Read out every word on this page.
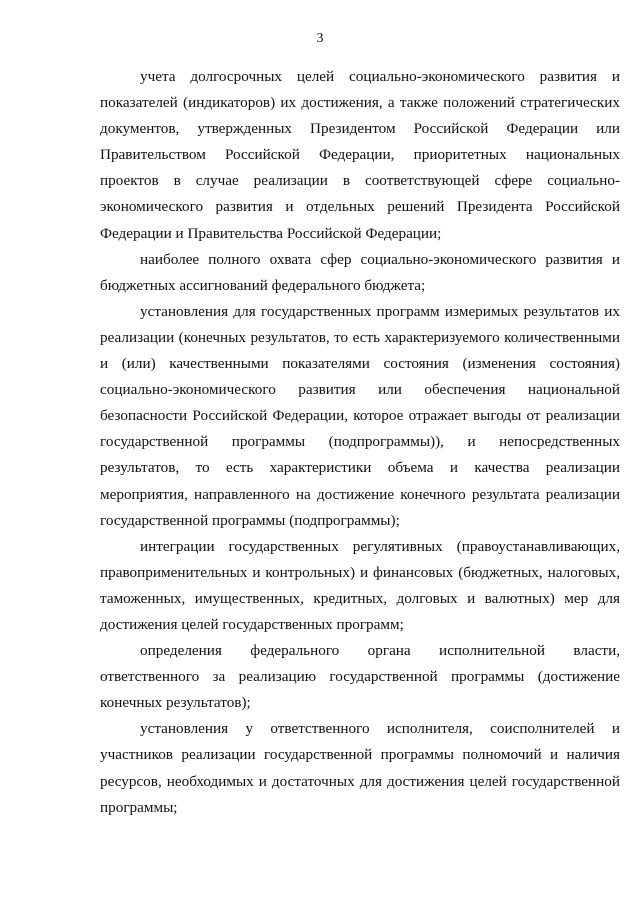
3

учета долгосрочных целей социально-экономического развития и показателей (индикаторов) их достижения, а также положений стратегических документов, утвержденных Президентом Российской Федерации или Правительством Российской Федерации, приоритетных национальных проектов в случае реализации в соответствующей сфере социально-экономического развития и отдельных решений Президента Российской Федерации и Правительства Российской Федерации;

наиболее полного охвата сфер социально-экономического развития и бюджетных ассигнований федерального бюджета;

установления для государственных программ измеримых результатов их реализации (конечных результатов, то есть характеризуемого количественными и (или) качественными показателями состояния (изменения состояния) социально-экономического развития или обеспечения национальной безопасности Российской Федерации, которое отражает выгоды от реализации государственной программы (подпрограммы)), и непосредственных результатов, то есть характеристики объема и качества реализации мероприятия, направленного на достижение конечного результата реализации государственной программы (подпрограммы);

интеграции государственных регулятивных (правоустанавливающих, правоприменительных и контрольных) и финансовых (бюджетных, налоговых, таможенных, имущественных, кредитных, долговых и валютных) мер для достижения целей государственных программ;

определения федерального органа исполнительной власти, ответственного за реализацию государственной программы (достижение конечных результатов);

установления у ответственного исполнителя, соисполнителей и участников реализации государственной программы полномочий и наличия ресурсов, необходимых и достаточных для достижения целей государственной программы;
